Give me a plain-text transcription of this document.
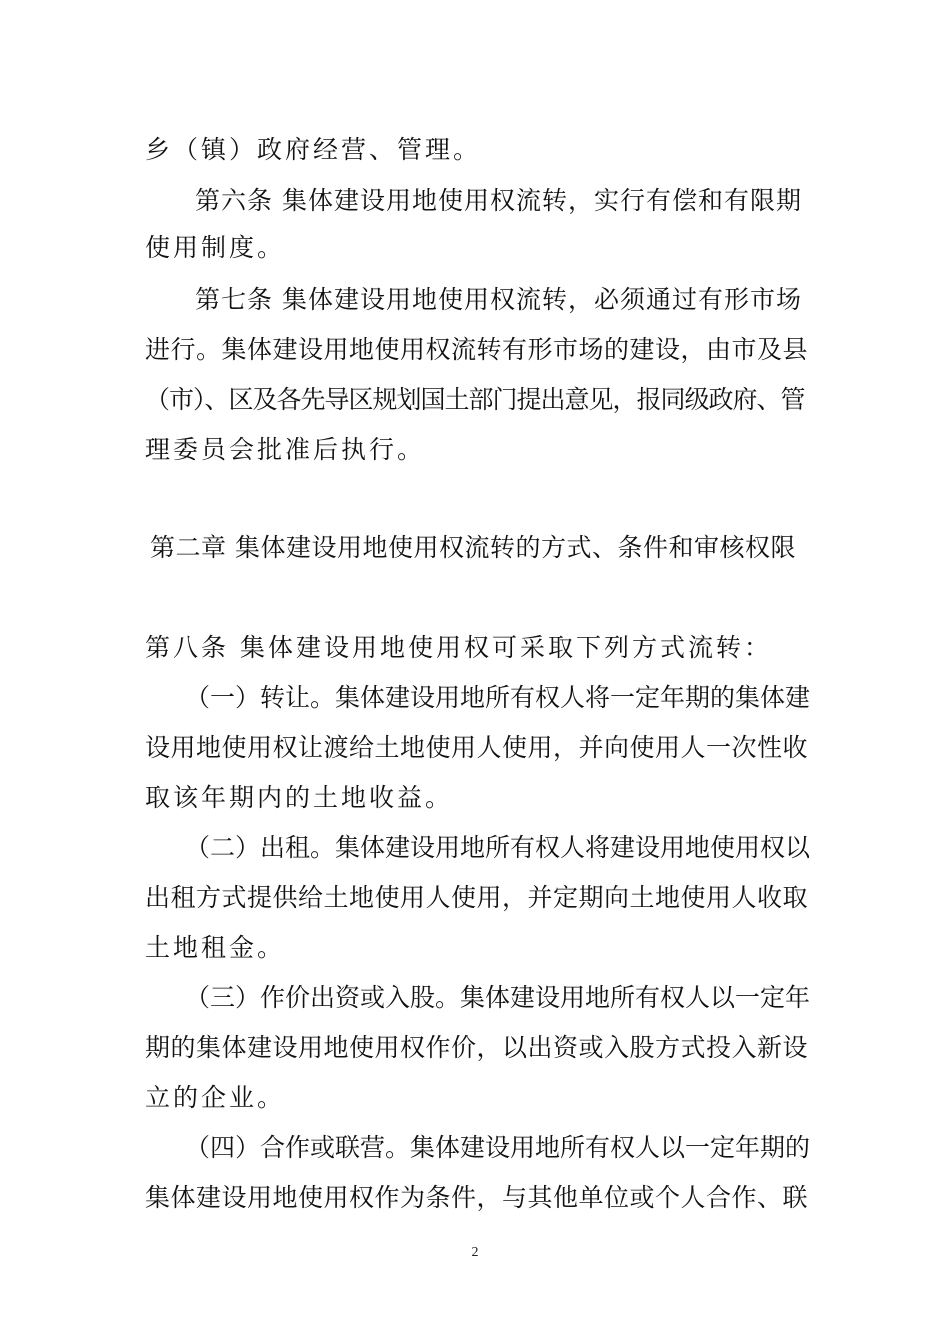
乡（镇）政府经营、管理。
第六条 集体建设用地使用权流转，实行有偿和有限期
使用制度。
第七条 集体建设用地使用权流转，必须通过有形市场
进行。集体建设用地使用权流转有形市场的建设，由市及县
（市）、区及各先导区规划国土部门提出意见，报同级政府、管
理委员会批准后执行。
第八条 集体建设用地使用权可采取下列方式流转：
（一）转让。集体建设用地所有权人将一定年期的集体建
设用地使用权让渡给土地使用人使用，并向使用人一次性收
取该年期内的土地收益。
（二）出租。集体建设用地所有权人将建设用地使用权以
出租方式提供给土地使用人使用，并定期向土地使用人收取
土地租金。
（三）作价出资或入股。集体建设用地所有权人以一定年
期的集体建设用地使用权作价，以出资或入股方式投入新设
立的企业。
（四）合作或联营。集体建设用地所有权人以一定年期的
集体建设用地使用权作为条件，与其他单位或个人合作、联
第二章 集体建设用地使用权流转的方式、条件和审核权限
2
